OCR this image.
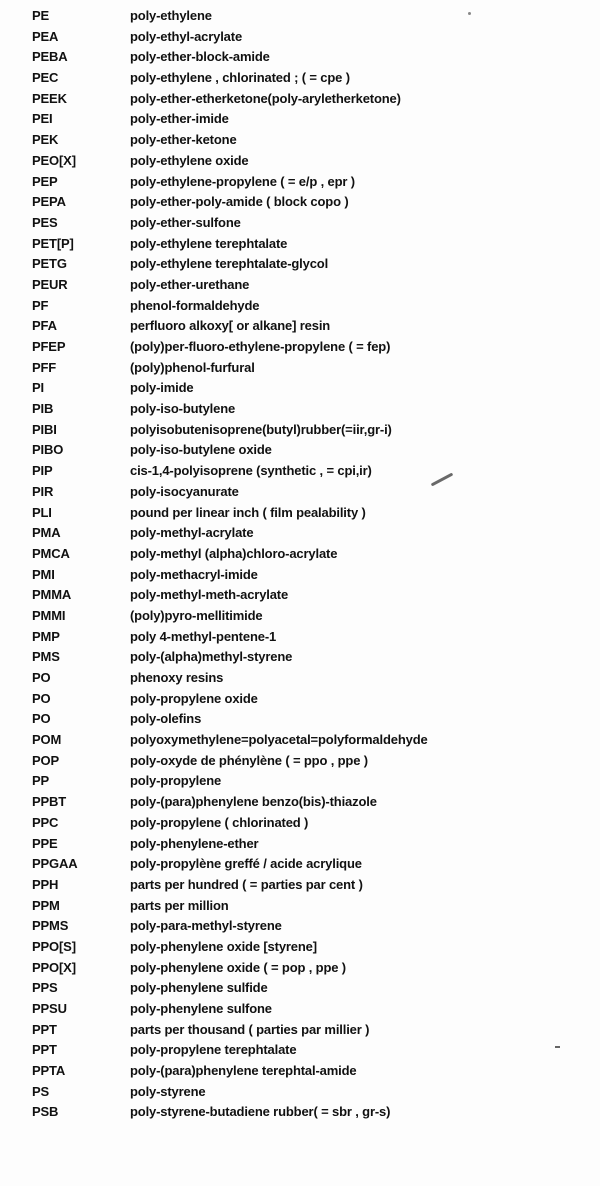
PE	poly-ethylene
PEA	poly-ethyl-acrylate
PEBA	poly-ether-block-amide
PEC	poly-ethylene , chlorinated ; ( = cpe )
PEEK	poly-ether-etherketone(poly-aryletherketone)
PEI	poly-ether-imide
PEK	poly-ether-ketone
PEO[X]	poly-ethylene oxide
PEP	poly-ethylene-propylene ( = e/p , epr )
PEPA	poly-ether-poly-amide ( block copo )
PES	poly-ether-sulfone
PET[P]	poly-ethylene terephtalate
PETG	poly-ethylene terephtalate-glycol
PEUR	poly-ether-urethane
PF	phenol-formaldehyde
PFA	perfluoro alkoxy[ or alkane] resin
PFEP	(poly)per-fluoro-ethylene-propylene ( = fep)
PFF	(poly)phenol-furfural
PI	poly-imide
PIB	poly-iso-butylene
PIBI	polyisobutenisoprene(butyl)rubber(=iir,gr-i)
PIBO	poly-iso-butylene oxide
PIP	cis-1,4-polyisoprene (synthetic , = cpi,ir)
PIR	poly-isocyanurate
PLI	pound per linear inch ( film pealability )
PMA	poly-methyl-acrylate
PMCA	poly-methyl (alpha)chloro-acrylate
PMI	poly-methacryl-imide
PMMA	poly-methyl-meth-acrylate
PMMI	(poly)pyro-mellitimide
PMP	poly 4-methyl-pentene-1
PMS	poly-(alpha)methyl-styrene
PO	phenoxy resins
PO	poly-propylene oxide
PO	poly-olefins
POM	polyoxymethylene=polyacetal=polyformaldehyde
POP	poly-oxyde de phénylène ( = ppo , ppe )
PP	poly-propylene
PPBT	poly-(para)phenylene benzo(bis)-thiazole
PPC	poly-propylene ( chlorinated )
PPE	poly-phenylene-ether
PPGAA	poly-propylène greffé / acide acrylique
PPH	parts per hundred ( = parties par cent )
PPM	parts per million
PPMS	poly-para-methyl-styrene
PPO[S]	poly-phenylene oxide [styrene]
PPO[X]	poly-phenylene oxide ( = pop , ppe )
PPS	poly-phenylene sulfide
PPSU	poly-phenylene sulfone
PPT	parts per thousand ( parties par millier )
PPT	poly-propylene terephtalate
PPTA	poly-(para)phenylene terephtal-amide
PS	poly-styrene
PSB	poly-styrene-butadiene rubber( = sbr , gr-s)
